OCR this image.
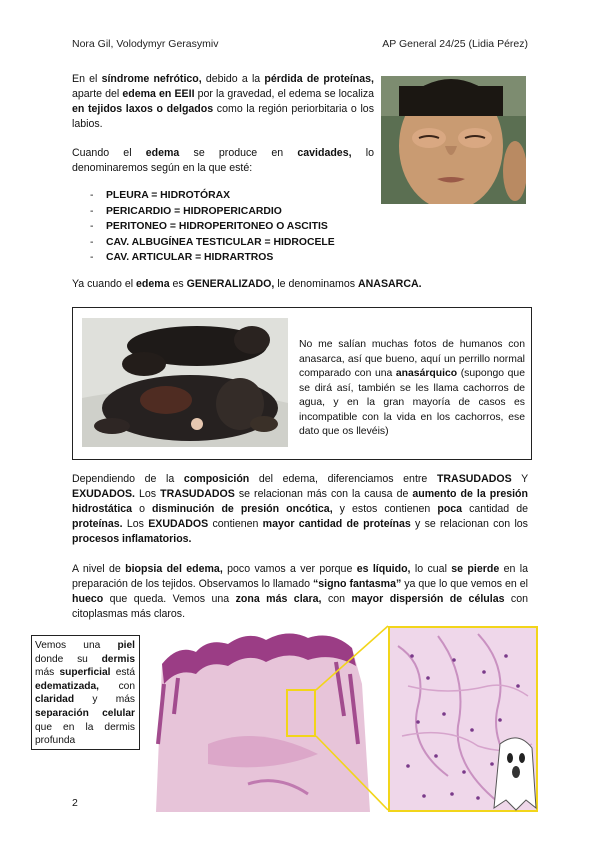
Nora Gil, Volodymyr Gerasymiv	AP General 24/25 (Lidia Pérez)

En el síndrome nefrótico, debido a la pérdida de proteínas, aparte del edema en EEII por la gravedad, el edema se localiza en tejidos laxos o delgados como la región periorbitaria o los labios.

Cuando el edema se produce en cavidades, lo denominaremos según en la que esté:

- PLEURA = HIDROTÓRAX
- PERICARDIO = HIDROPERICARDIO
- PERITONEO = HIDROPERITONEO O ASCITIS
- CAV. ALBUGÍNEA TESTICULAR = HIDROCELE
- CAV. ARTICULAR = HIDRARTROS

Ya cuando el edema es GENERALIZADO, le denominamos ANASARCA.

No me salían muchas fotos de humanos con anasarca, así que bueno, aquí un perrillo normal comparado con una anasárquico (supongo que se dirá así, también se les llama cachorros de agua, y en la gran mayoría de casos es incompatible con la vida en los cachorros, ese dato que os llevéis)

Dependiendo de la composición del edema, diferenciamos entre TRASUDADOS Y EXUDADOS. Los TRASUDADOS se relacionan más con la causa de aumento de la presión hidrostática o disminución de presión oncótica, y estos contienen poca cantidad de proteínas. Los EXUDADOS contienen mayor cantidad de proteínas y se relacionan con los procesos inflamatorios.

A nivel de biopsia del edema, poco vamos a ver porque es líquido, lo cual se pierde en la preparación de los tejidos. Observamos lo llamado “signo fantasma” ya que lo que vemos en el hueco que queda. Vemos una zona más clara, con mayor dispersión de células con citoplasmas más claros.

Vemos una piel donde su dermis más superficial está edematizada, con claridad y más separación celular que en la dermis profunda

2
